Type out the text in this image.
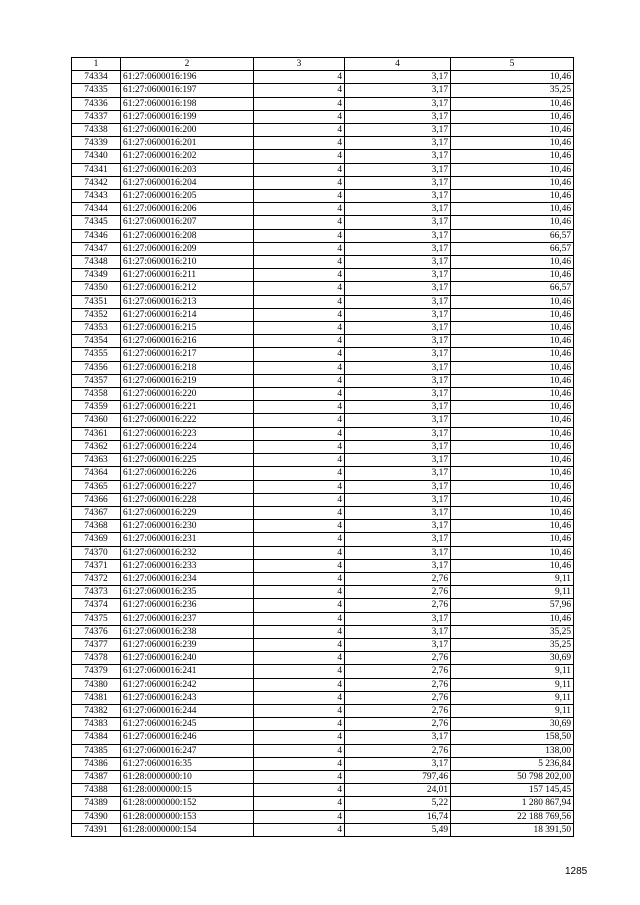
1	2	3	4	5
74334	61:27:0600016:196	4	3,17	10,46
74335	61:27:0600016:197	4	3,17	35,25
74336	61:27:0600016:198	4	3,17	10,46
74337	61:27:0600016:199	4	3,17	10,46
74338	61:27:0600016:200	4	3,17	10,46
74339	61:27:0600016:201	4	3,17	10,46
74340	61:27:0600016:202	4	3,17	10,46
74341	61:27:0600016:203	4	3,17	10,46
74342	61:27:0600016:204	4	3,17	10,46
74343	61:27:0600016:205	4	3,17	10,46
74344	61:27:0600016:206	4	3,17	10,46
74345	61:27:0600016:207	4	3,17	10,46
74346	61:27:0600016:208	4	3,17	66,57
74347	61:27:0600016:209	4	3,17	66,57
74348	61:27:0600016:210	4	3,17	10,46
74349	61:27:0600016:211	4	3,17	10,46
74350	61:27:0600016:212	4	3,17	66,57
74351	61:27:0600016:213	4	3,17	10,46
74352	61:27:0600016:214	4	3,17	10,46
74353	61:27:0600016:215	4	3,17	10,46
74354	61:27:0600016:216	4	3,17	10,46
74355	61:27:0600016:217	4	3,17	10,46
74356	61:27:0600016:218	4	3,17	10,46
74357	61:27:0600016:219	4	3,17	10,46
74358	61:27:0600016:220	4	3,17	10,46
74359	61:27:0600016:221	4	3,17	10,46
74360	61:27:0600016:222	4	3,17	10,46
74361	61:27:0600016:223	4	3,17	10,46
74362	61:27:0600016:224	4	3,17	10,46
74363	61:27:0600016:225	4	3,17	10,46
74364	61:27:0600016:226	4	3,17	10,46
74365	61:27:0600016:227	4	3,17	10,46
74366	61:27:0600016:228	4	3,17	10,46
74367	61:27:0600016:229	4	3,17	10,46
74368	61:27:0600016:230	4	3,17	10,46
74369	61:27:0600016:231	4	3,17	10,46
74370	61:27:0600016:232	4	3,17	10,46
74371	61:27:0600016:233	4	3,17	10,46
74372	61:27:0600016:234	4	2,76	9,11
74373	61:27:0600016:235	4	2,76	9,11
74374	61:27:0600016:236	4	2,76	57,96
74375	61:27:0600016:237	4	3,17	10,46
74376	61:27:0600016:238	4	3,17	35,25
74377	61:27:0600016:239	4	3,17	35,25
74378	61:27:0600016:240	4	2,76	30,69
74379	61:27:0600016:241	4	2,76	9,11
74380	61:27:0600016:242	4	2,76	9,11
74381	61:27:0600016:243	4	2,76	9,11
74382	61:27:0600016:244	4	2,76	9,11
74383	61:27:0600016:245	4	2,76	30,69
74384	61:27:0600016:246	4	3,17	158,50
74385	61:27:0600016:247	4	2,76	138,00
74386	61:27:0600016:35	4	3,17	5 236,84
74387	61:28:0000000:10	4	797,46	50 798 202,00
74388	61:28:0000000:15	4	24,01	157 145,45
74389	61:28:0000000:152	4	5,22	1 280 867,94
74390	61:28:0000000:153	4	16,74	22 188 769,56
74391	61:28:0000000:154	4	5,49	18 391,50
1285
